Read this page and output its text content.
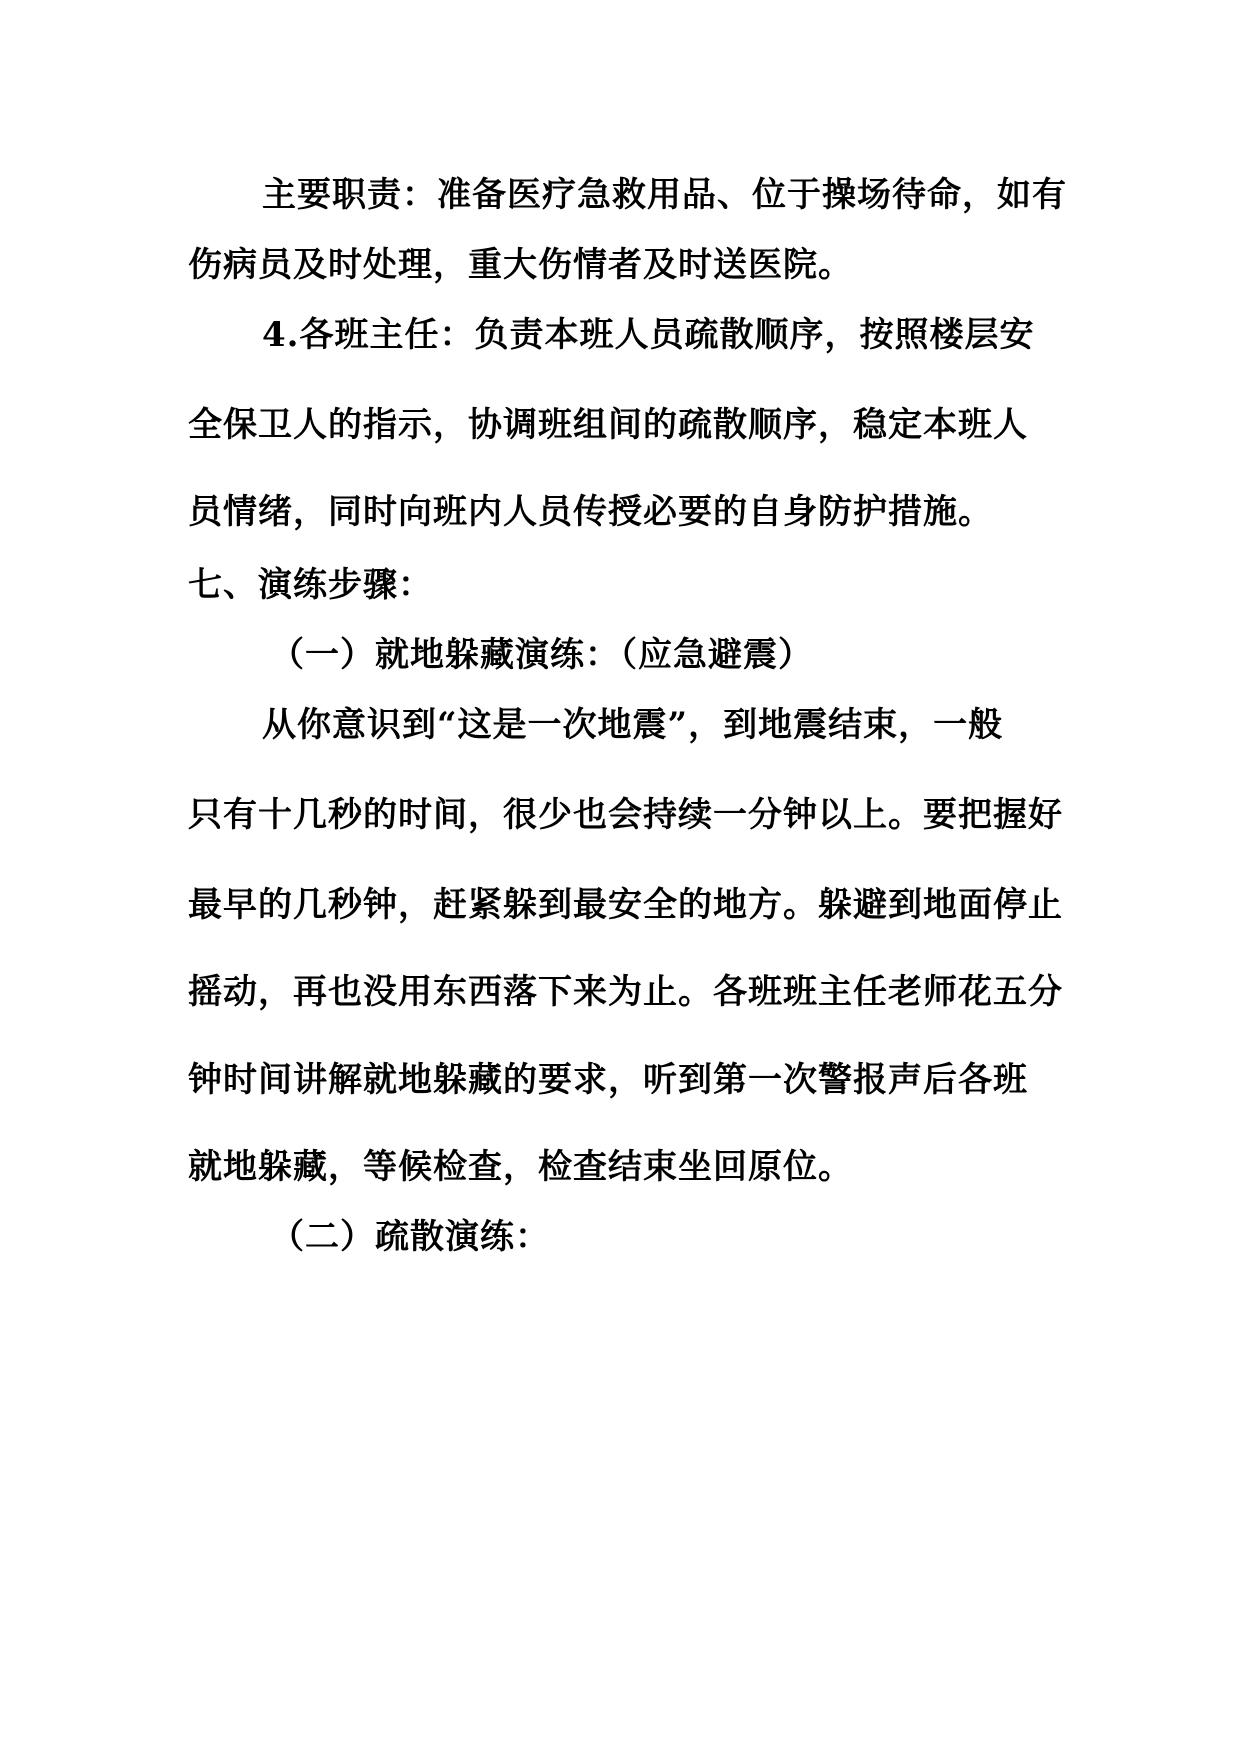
主要职责：准备医疗急救用品、位于操场待命，如有
伤病员及时处理，重大伤情者及时送医院。
4.各班主任：负责本班人员疏散顺序，按照楼层安
全保卫人的指示，协调班组间的疏散顺序，稳定本班人
员情绪，同时向班内人员传授必要的自身防护措施。
七、演练步骤：
（一）就地躲藏演练：（应急避震）
从你意识到“这是一次地震”，到地震结束，一般
只有十几秒的时间，很少也会持续一分钟以上。要把握好
最早的几秒钟，赶紧躲到最安全的地方。躲避到地面停止
摇动，再也没用东西落下来为止。各班班主任老师花五分
钟时间讲解就地躲藏的要求，听到第一次警报声后各班
就地躲藏，等候检查，检查结束坐回原位。
（二）疏散演练：
